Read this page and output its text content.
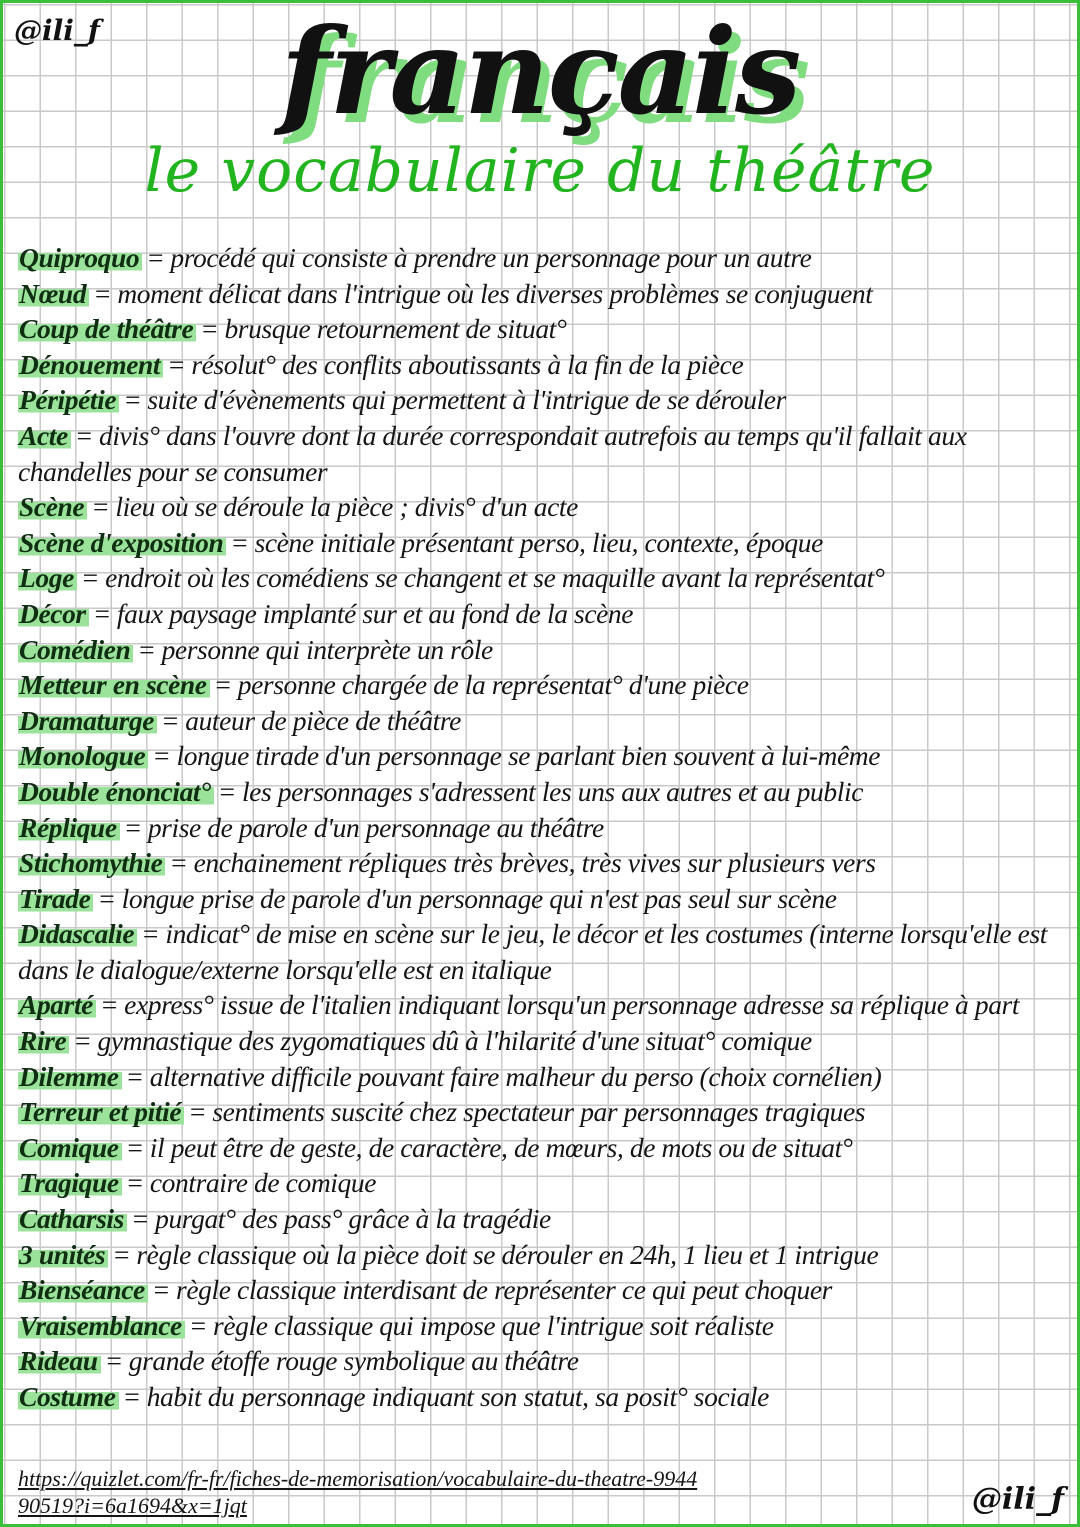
@ili_f	français
le vocabulaire du théâtre
Quiproquo = procédé qui consiste à prendre un personnage pour un autre
Nœud = moment délicat dans l'intrigue où les diverses problèmes se conjuguent
Coup de théâtre = brusque retournement de situat°
Dénouement = résolut° des conflits aboutissants à la fin de la pièce
Péripétie = suite d'évènements qui permettent à l'intrigue de se dérouler
Acte = divis° dans l'ouvre dont la durée correspondait autrefois au temps qu'il fallait aux chandelles pour se consumer
Scène = lieu où se déroule la pièce ; divis° d'un acte
Scène d'exposition = scène initiale présentant perso, lieu, contexte, époque
Loge = endroit où les comédiens se changent et se maquille avant la représentat°
Décor = faux paysage implanté sur et au fond de la scène
Comédien = personne qui interprète un rôle
Metteur en scène = personne chargée de la représentat° d'une pièce
Dramaturge = auteur de pièce de théâtre
Monologue = longue tirade d'un personnage se parlant bien souvent à lui-même
Double énonciat° = les personnages s'adressent les uns aux autres et au public
Réplique = prise de parole d'un personnage au théâtre
Stichomythie = enchainement répliques très brèves, très vives sur plusieurs vers
Tirade = longue prise de parole d'un personnage qui n'est pas seul sur scène
Didascalie = indicat° de mise en scène sur le jeu, le décor et les costumes (interne lorsqu'elle est dans le dialogue/externe lorsqu'elle est en italique
Aparté = express° issue de l'italien indiquant lorsqu'un personnage adresse sa réplique à part
Rire = gymnastique des zygomatiques dû à l'hilarité d'une situat° comique
Dilemme = alternative difficile pouvant faire malheur du perso (choix cornélien)
Terreur et pitié = sentiments suscité chez spectateur par personnages tragiques
Comique = il peut être de geste, de caractère, de mœurs, de mots ou de situat°
Tragique = contraire de comique
Catharsis = purgat° des pass° grâce à la tragédie
3 unités = règle classique où la pièce doit se dérouler en 24h, 1 lieu et 1 intrigue
Bienséance = règle classique interdisant de représenter ce qui peut choquer
Vraisemblance = règle classique qui impose que l'intrigue soit réaliste
Rideau = grande étoffe rouge symbolique au théâtre
Costume = habit du personnage indiquant son statut, sa posit° sociale
https://quizlet.com/fr-fr/fiches-de-memorisation/vocabulaire-du-theatre-994490519?i=6a1694&x=1jqt	@ili_f
